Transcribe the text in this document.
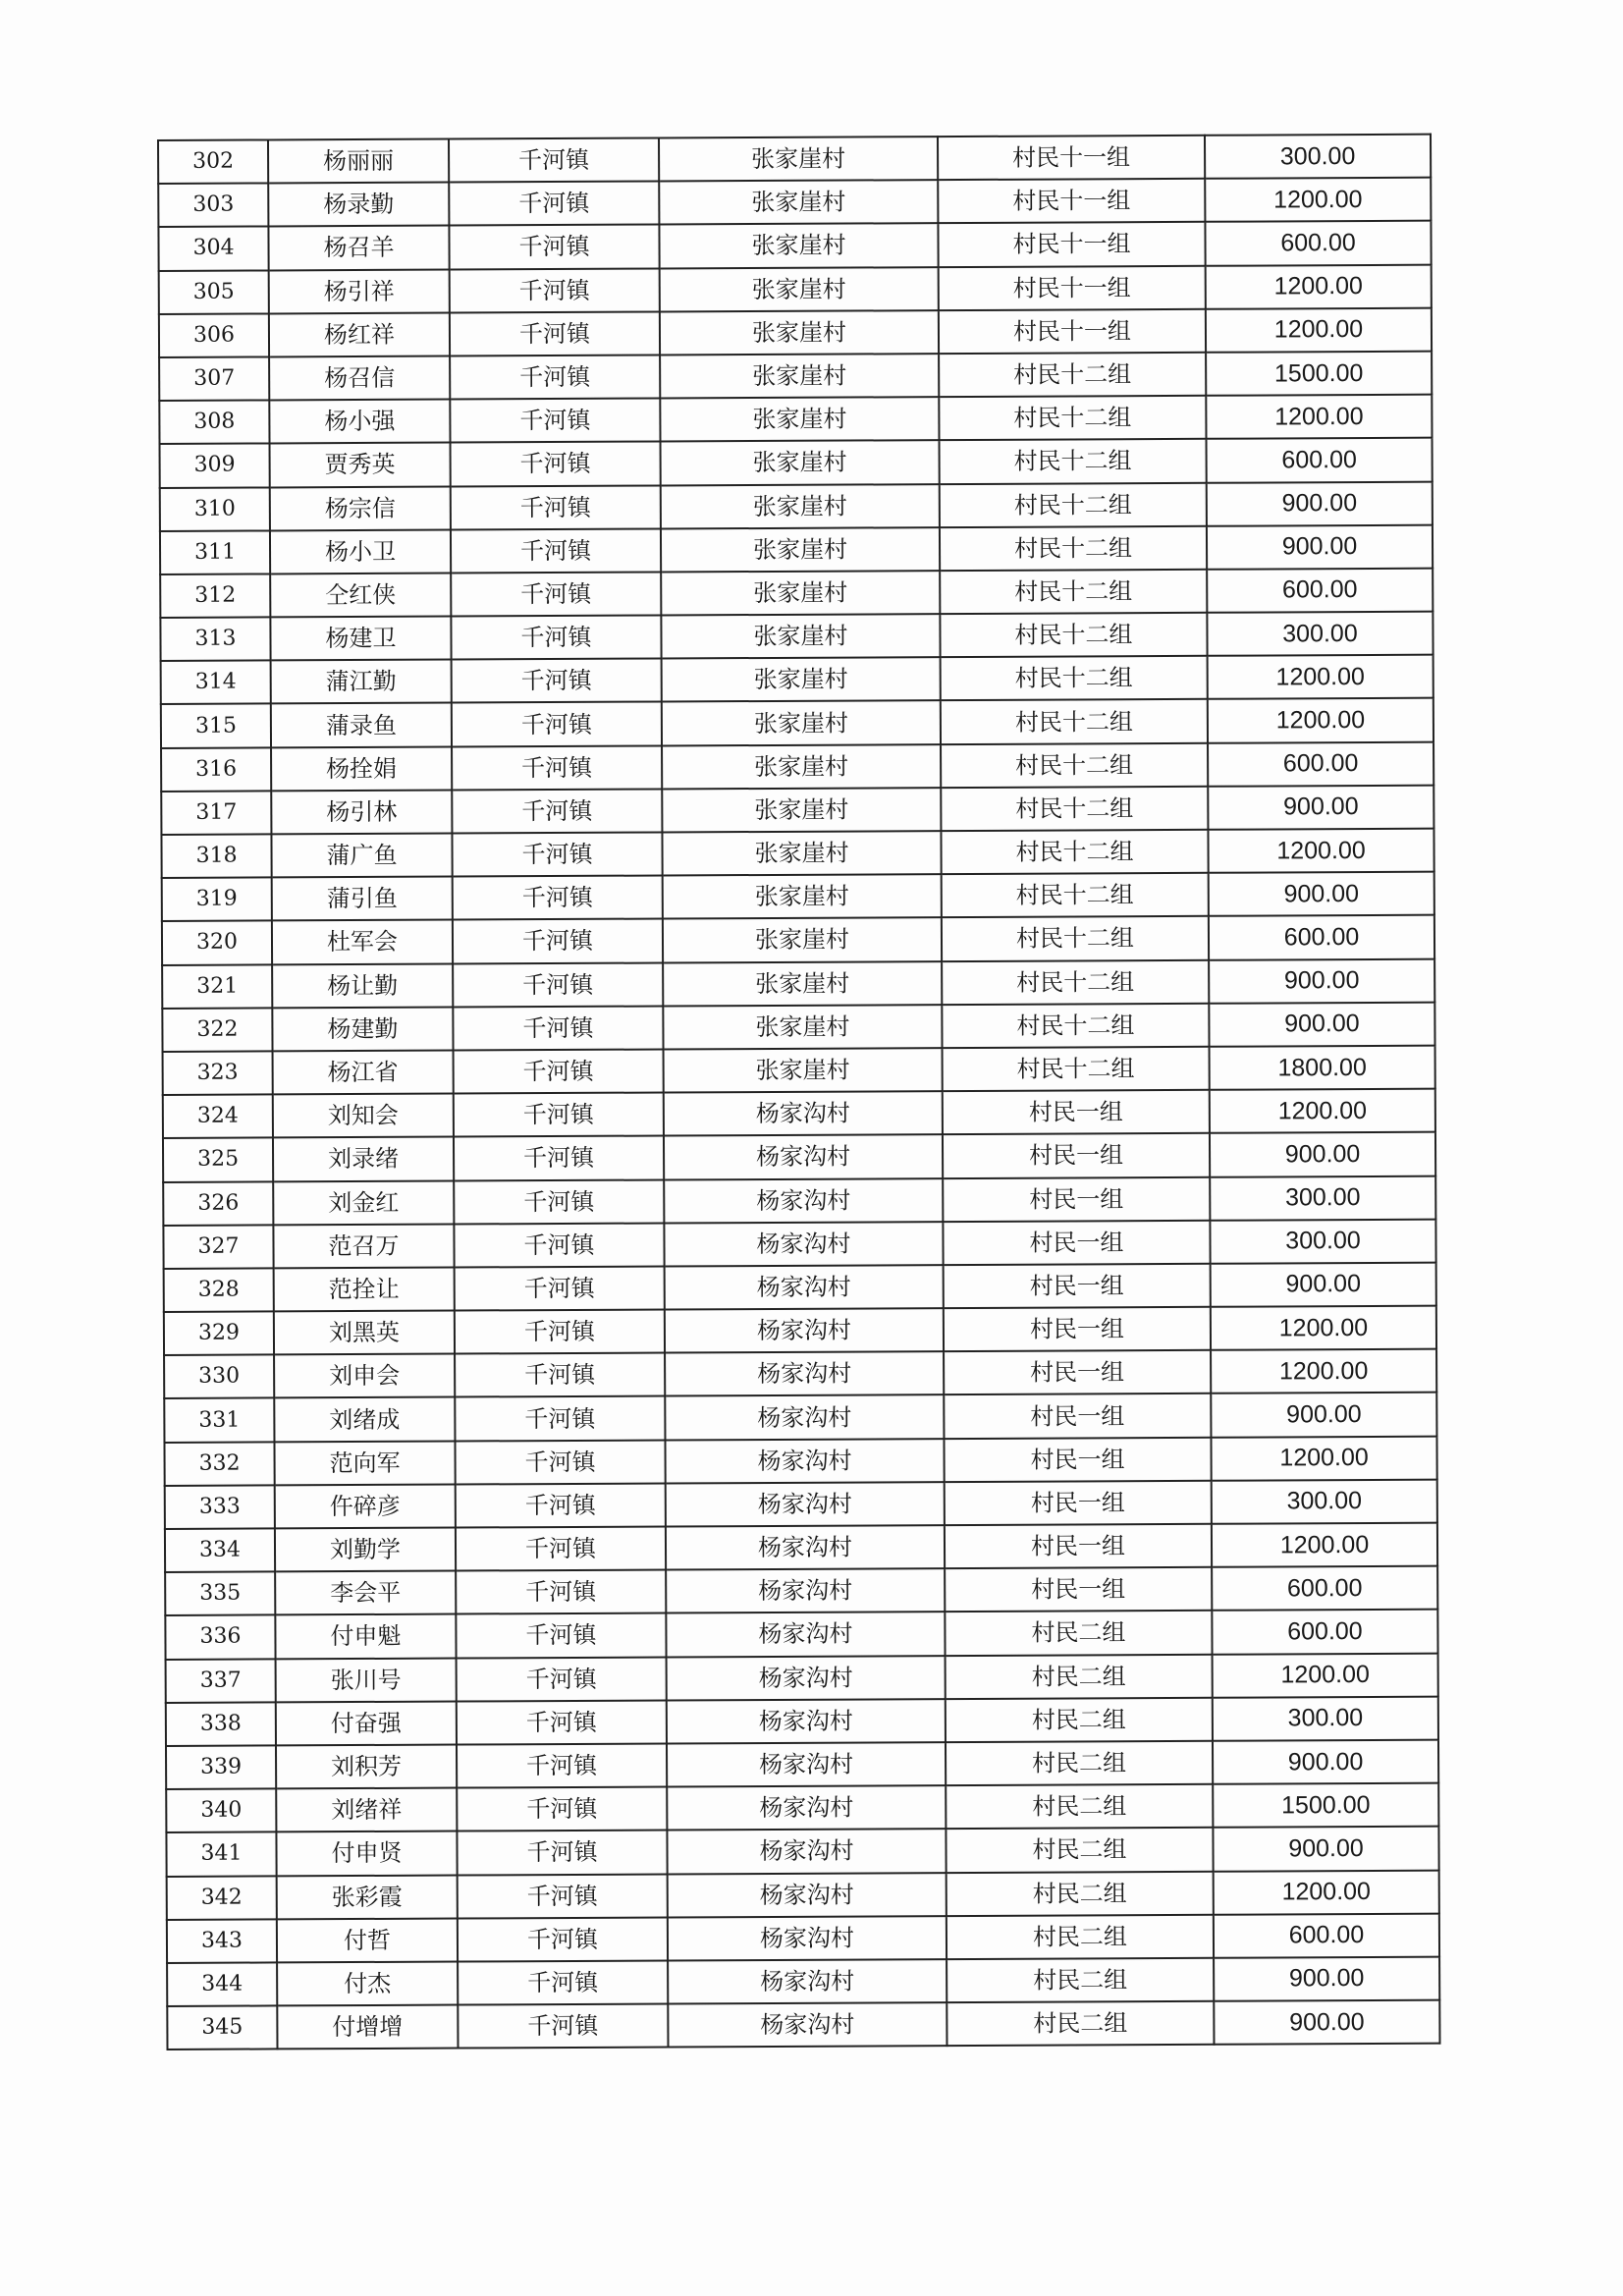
302	杨丽丽	千河镇	张家崖村	村民十一组	300.00
303	杨录勤	千河镇	张家崖村	村民十一组	1200.00
304	杨召羊	千河镇	张家崖村	村民十一组	600.00
305	杨引祥	千河镇	张家崖村	村民十一组	1200.00
306	杨红祥	千河镇	张家崖村	村民十一组	1200.00
307	杨召信	千河镇	张家崖村	村民十二组	1500.00
308	杨小强	千河镇	张家崖村	村民十二组	1200.00
309	贾秀英	千河镇	张家崖村	村民十二组	600.00
310	杨宗信	千河镇	张家崖村	村民十二组	900.00
311	杨小卫	千河镇	张家崖村	村民十二组	900.00
312	仝红侠	千河镇	张家崖村	村民十二组	600.00
313	杨建卫	千河镇	张家崖村	村民十二组	300.00
314	蒲江勤	千河镇	张家崖村	村民十二组	1200.00
315	蒲录鱼	千河镇	张家崖村	村民十二组	1200.00
316	杨拴娟	千河镇	张家崖村	村民十二组	600.00
317	杨引林	千河镇	张家崖村	村民十二组	900.00
318	蒲广鱼	千河镇	张家崖村	村民十二组	1200.00
319	蒲引鱼	千河镇	张家崖村	村民十二组	900.00
320	杜军会	千河镇	张家崖村	村民十二组	600.00
321	杨让勤	千河镇	张家崖村	村民十二组	900.00
322	杨建勤	千河镇	张家崖村	村民十二组	900.00
323	杨江省	千河镇	张家崖村	村民十二组	1800.00
324	刘知会	千河镇	杨家沟村	村民一组	1200.00
325	刘录绪	千河镇	杨家沟村	村民一组	900.00
326	刘金红	千河镇	杨家沟村	村民一组	300.00
327	范召万	千河镇	杨家沟村	村民一组	300.00
328	范拴让	千河镇	杨家沟村	村民一组	900.00
329	刘黑英	千河镇	杨家沟村	村民一组	1200.00
330	刘申会	千河镇	杨家沟村	村民一组	1200.00
331	刘绪成	千河镇	杨家沟村	村民一组	900.00
332	范向军	千河镇	杨家沟村	村民一组	1200.00
333	仵碎彦	千河镇	杨家沟村	村民一组	300.00
334	刘勤学	千河镇	杨家沟村	村民一组	1200.00
335	李会平	千河镇	杨家沟村	村民一组	600.00
336	付申魁	千河镇	杨家沟村	村民二组	600.00
337	张川号	千河镇	杨家沟村	村民二组	1200.00
338	付奋强	千河镇	杨家沟村	村民二组	300.00
339	刘积芳	千河镇	杨家沟村	村民二组	900.00
340	刘绪祥	千河镇	杨家沟村	村民二组	1500.00
341	付申贤	千河镇	杨家沟村	村民二组	900.00
342	张彩霞	千河镇	杨家沟村	村民二组	1200.00
343	付哲	千河镇	杨家沟村	村民二组	600.00
344	付杰	千河镇	杨家沟村	村民二组	900.00
345	付增增	千河镇	杨家沟村	村民二组	900.00
